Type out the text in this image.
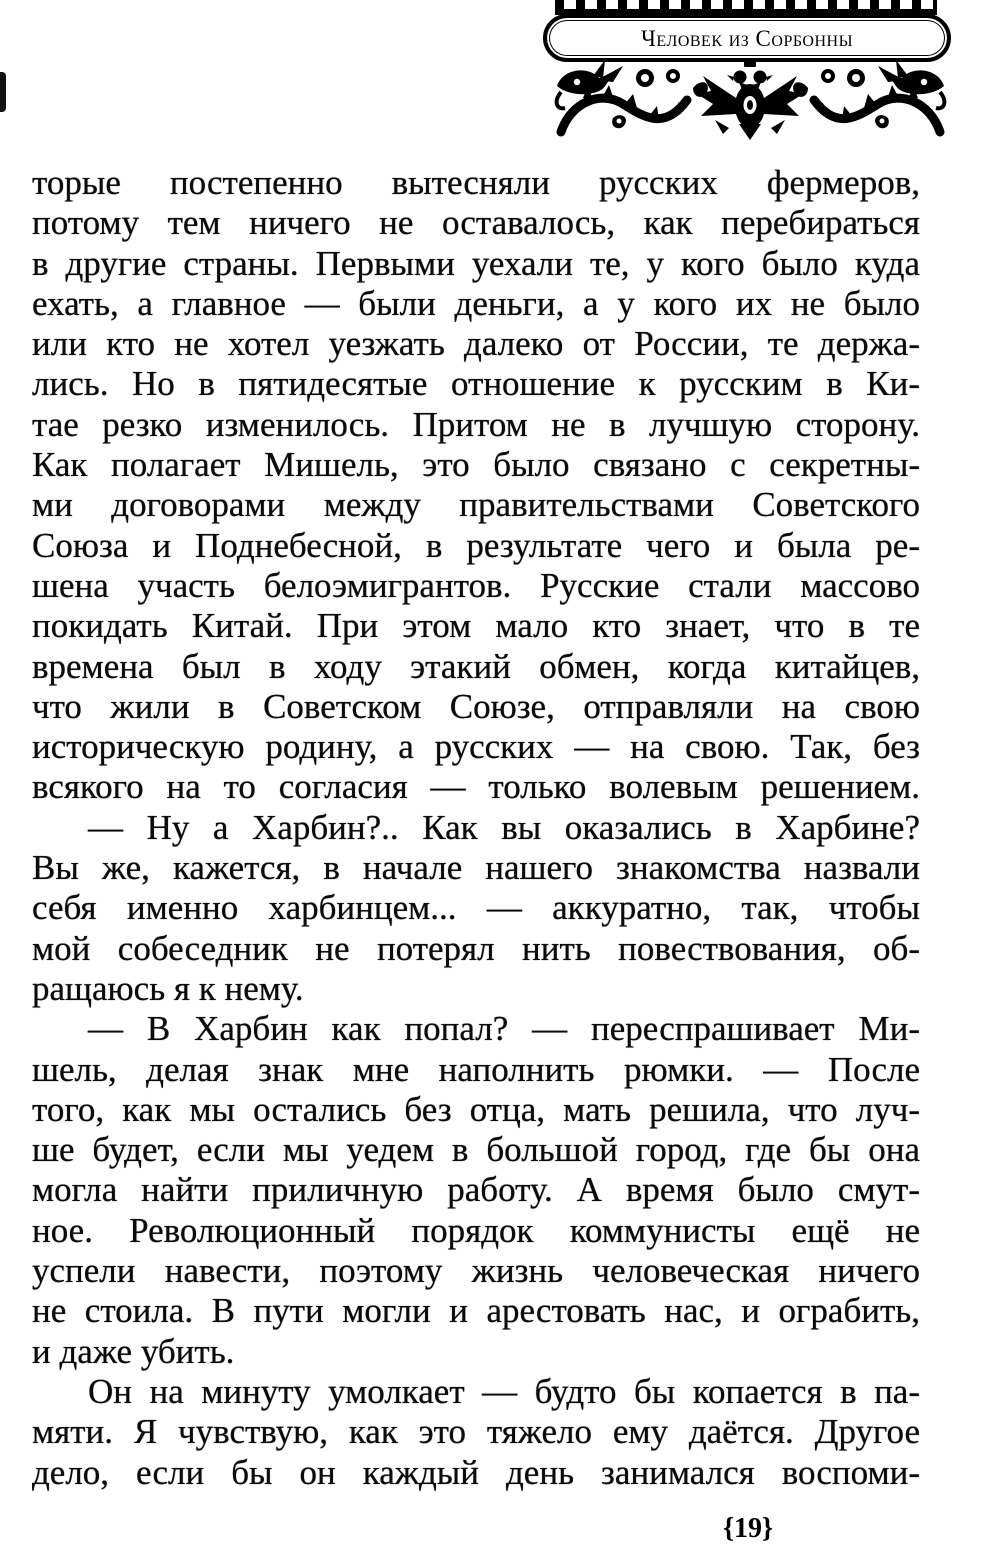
Человек из Сорбонны
торые постепенно вытесняли русских фермеров,
потому тем ничего не оставалось, как перебираться
в другие страны. Первыми уехали те, у кого было куда
ехать, а главное — были деньги, а у кого их не было
или кто не хотел уезжать далеко от России, те держа-
лись. Но в пятидесятые отношение к русским в Ки-
тае резко изменилось. Притом не в лучшую сторону.
Как полагает Мишель, это было связано с секретны-
ми договорами между правительствами Советского
Союза и Поднебесной, в результате чего и была ре-
шена участь белоэмигрантов. Русские стали массово
покидать Китай. При этом мало кто знает, что в те
времена был в ходу этакий обмен, когда китайцев,
что жили в Советском Союзе, отправляли на свою
историческую родину, а русских — на свою. Так, без
всякого на то согласия — только волевым решением.
— Ну а Харбин?.. Как вы оказались в Харбине?
Вы же, кажется, в начале нашего знакомства назвали
себя именно харбинцем... — аккуратно, так, чтобы
мой собеседник не потерял нить повествования, об-
ращаюсь я к нему.
— В Харбин как попал? — переспрашивает Ми-
шель, делая знак мне наполнить рюмки. — После
того, как мы остались без отца, мать решила, что луч-
ше будет, если мы уедем в большой город, где бы она
могла найти приличную работу. А время было смут-
ное. Революционный порядок коммунисты ещё не
успели навести, поэтому жизнь человеческая ничего
не стоила. В пути могли и арестовать нас, и ограбить,
и даже убить.
Он на минуту умолкает — будто бы копается в па-
мяти. Я чувствую, как это тяжело ему даётся. Другое
дело, если бы он каждый день занимался воспоми-
{19}
